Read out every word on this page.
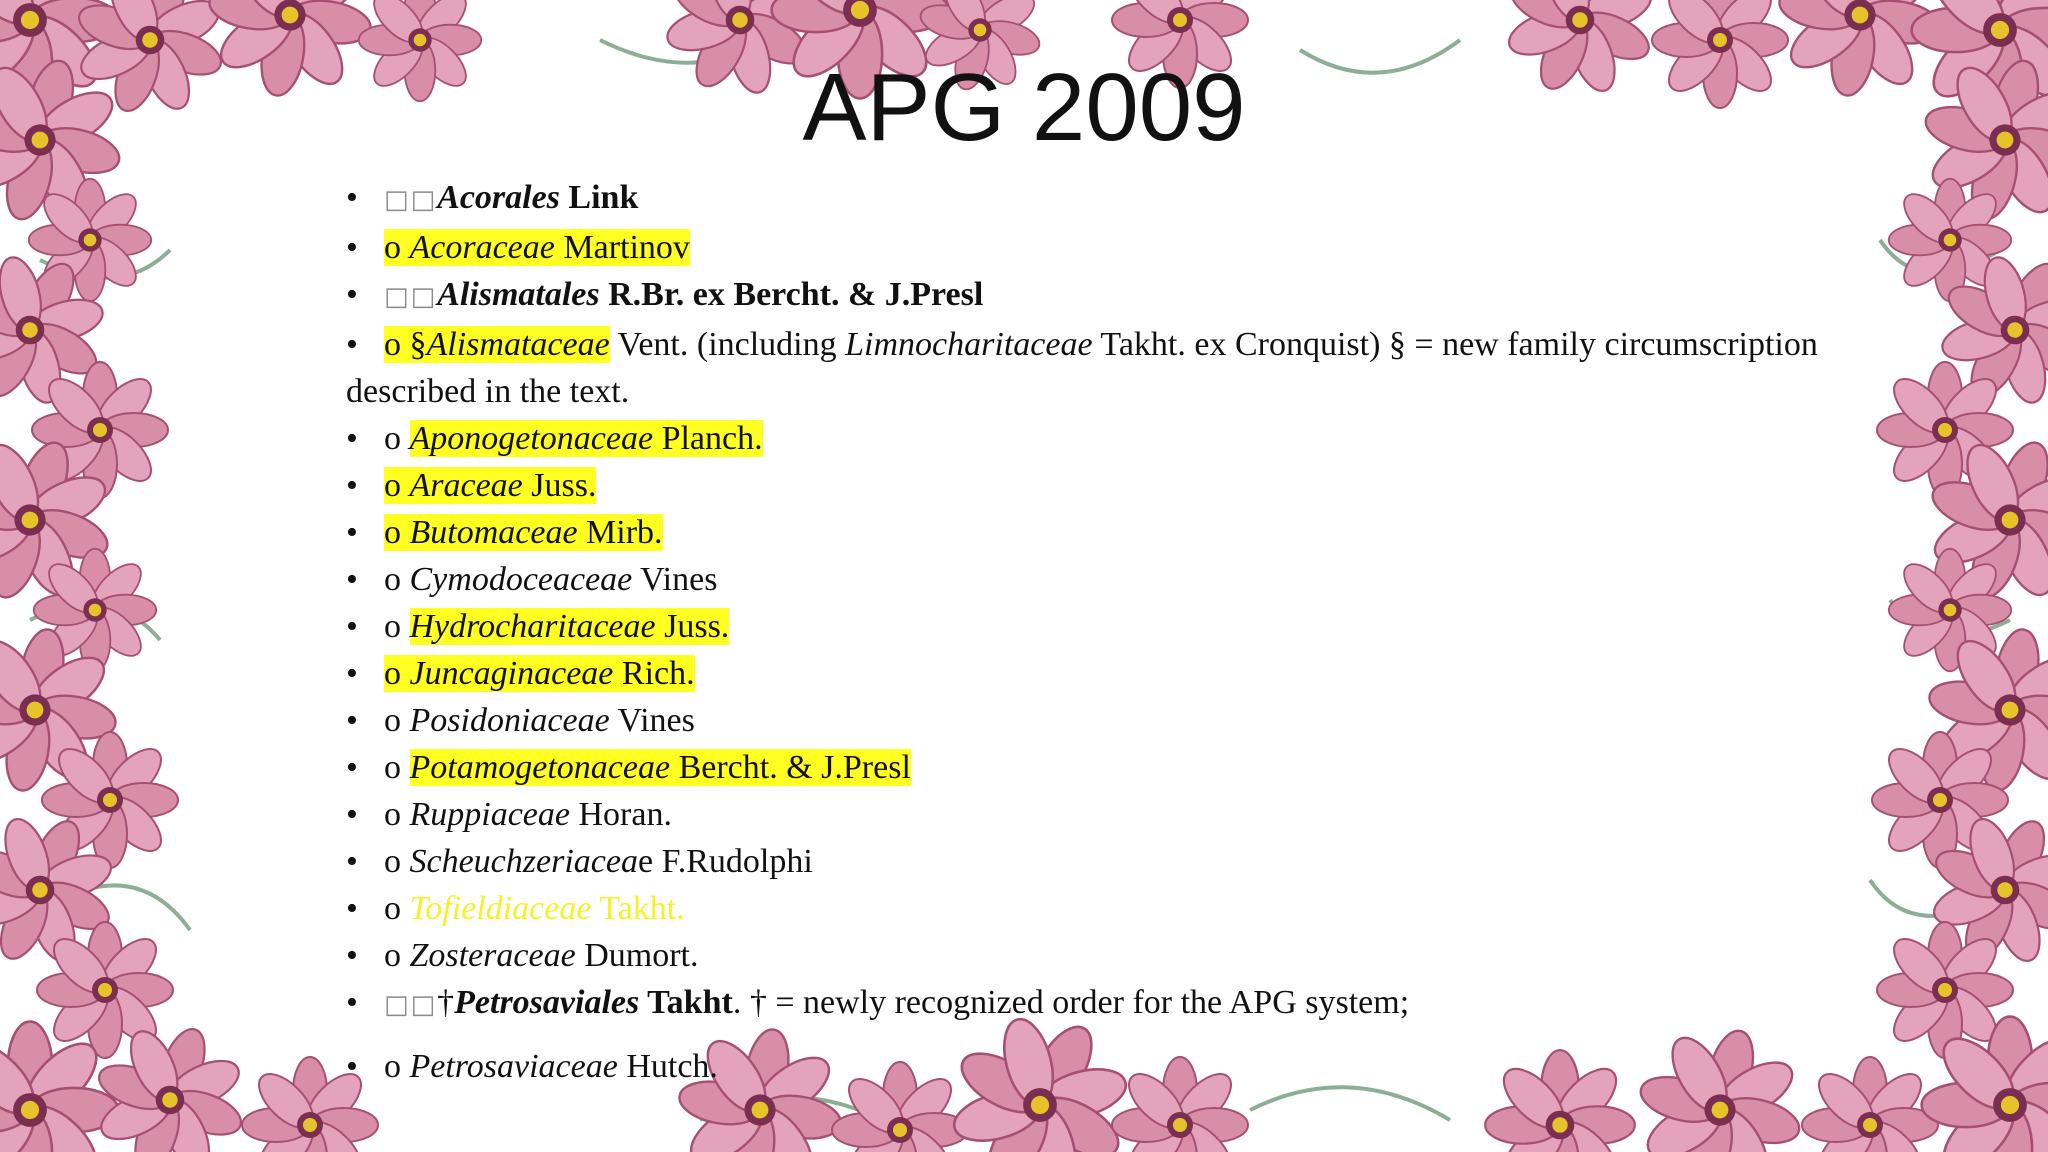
APG 2009
• □□Acorales Link
• o Acoraceae Martinov
• □□Alismatales R.Br. ex Bercht. & J.Presl
• o §Alismataceae Vent. (including Limnocharitaceae Takht. ex Cronquist) § = new family circumscription
described in the text.
• o Aponogetonaceae Planch.
• o Araceae Juss.
• o Butomaceae Mirb.
• o Cymodoceaceae Vines
• o Hydrocharitaceae Juss.
• o Juncaginaceae Rich.
• o Posidoniaceae Vines
• o Potamogetonaceae Bercht. & J.Presl
• o Ruppiaceae Horan.
• o Scheuchzeriaceae F.Rudolphi
• o Tofieldiaceae Takht.
• o Zosteraceae Dumort.
• □□†Petrosaviales Takht. † = newly recognized order for the APG system;
• o Petrosaviaceae Hutch.
